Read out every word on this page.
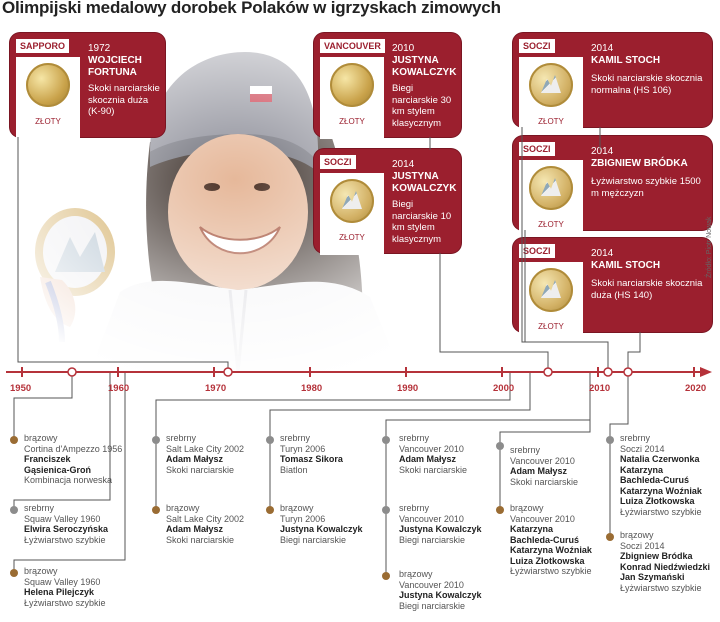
Olimpijski medalowy dorobek Polaków w igrzyskach zimowych
SAPPORO
ZŁOTY
1972
WOJCIECH FORTUNA
Skoki narciarskie skocznia duża (K-90)
VANCOUVER
ZŁOTY
2010
JUSTYNA KOWALCZYK
Biegi narciarskie 30 km stylem klasycznym
SOCZI
ZŁOTY
2014
JUSTYNA KOWALCZYK
Biegi narciarskie 10 km stylem klasycznym
SOCZI
ZŁOTY
2014
KAMIL STOCH
Skoki narciarskie skocznia normalna (HS 106)
SOCZI
ZŁOTY
2014
ZBIGNIEW BRÓDKA
Łyżwiarstwo szybkie 1500 m mężczyzn
SOCZI
ZŁOTY
2014
KAMIL STOCH
Skoki narciarskie skocznia duża (HS 140)
Źródło: Piotr Nowak
1950	1960	1970	1980	1990	2000	2010	2020
brązowy
Cortina d'Ampezzo 1956
Franciszek
Gąsienica-Groń
Kombinacja norweska
srebrny
Squaw Valley 1960
Elwira Seroczyńska
Łyżwiarstwo szybkie
brązowy
Squaw Valley 1960
Helena Pilejczyk
Łyżwiarstwo szybkie
srebrny
Salt Lake City 2002
Adam Małysz
Skoki narciarskie
brązowy
Salt Lake City 2002
Adam Małysz
Skoki narciarskie
srebrny
Turyn 2006
Tomasz Sikora
Biatlon
brązowy
Turyn 2006
Justyna Kowalczyk
Biegi narciarskie
srebrny
Vancouver 2010
Adam Małysz
Skoki narciarskie
srebrny
Vancouver 2010
Justyna Kowalczyk
Biegi narciarskie
brązowy
Vancouver 2010
Justyna Kowalczyk
Biegi narciarskie
srebrny
Vancouver 2010
Adam Małysz
Skoki narciarskie
brązowy
Vancouver 2010
Katarzyna
Bachleda-Curuś
Katarzyna Woźniak
Luiza Złotkowska
Łyżwiarstwo szybkie
srebrny
Soczi 2014
Natalia Czerwonka
Katarzyna
Bachleda-Curuś
Katarzyna Woźniak
Luiza Złotkowska
Łyżwiarstwo szybkie
brązowy
Soczi 2014
Zbigniew Bródka
Konrad Niedźwiedzki
Jan Szymański
Łyżwiarstwo szybkie
